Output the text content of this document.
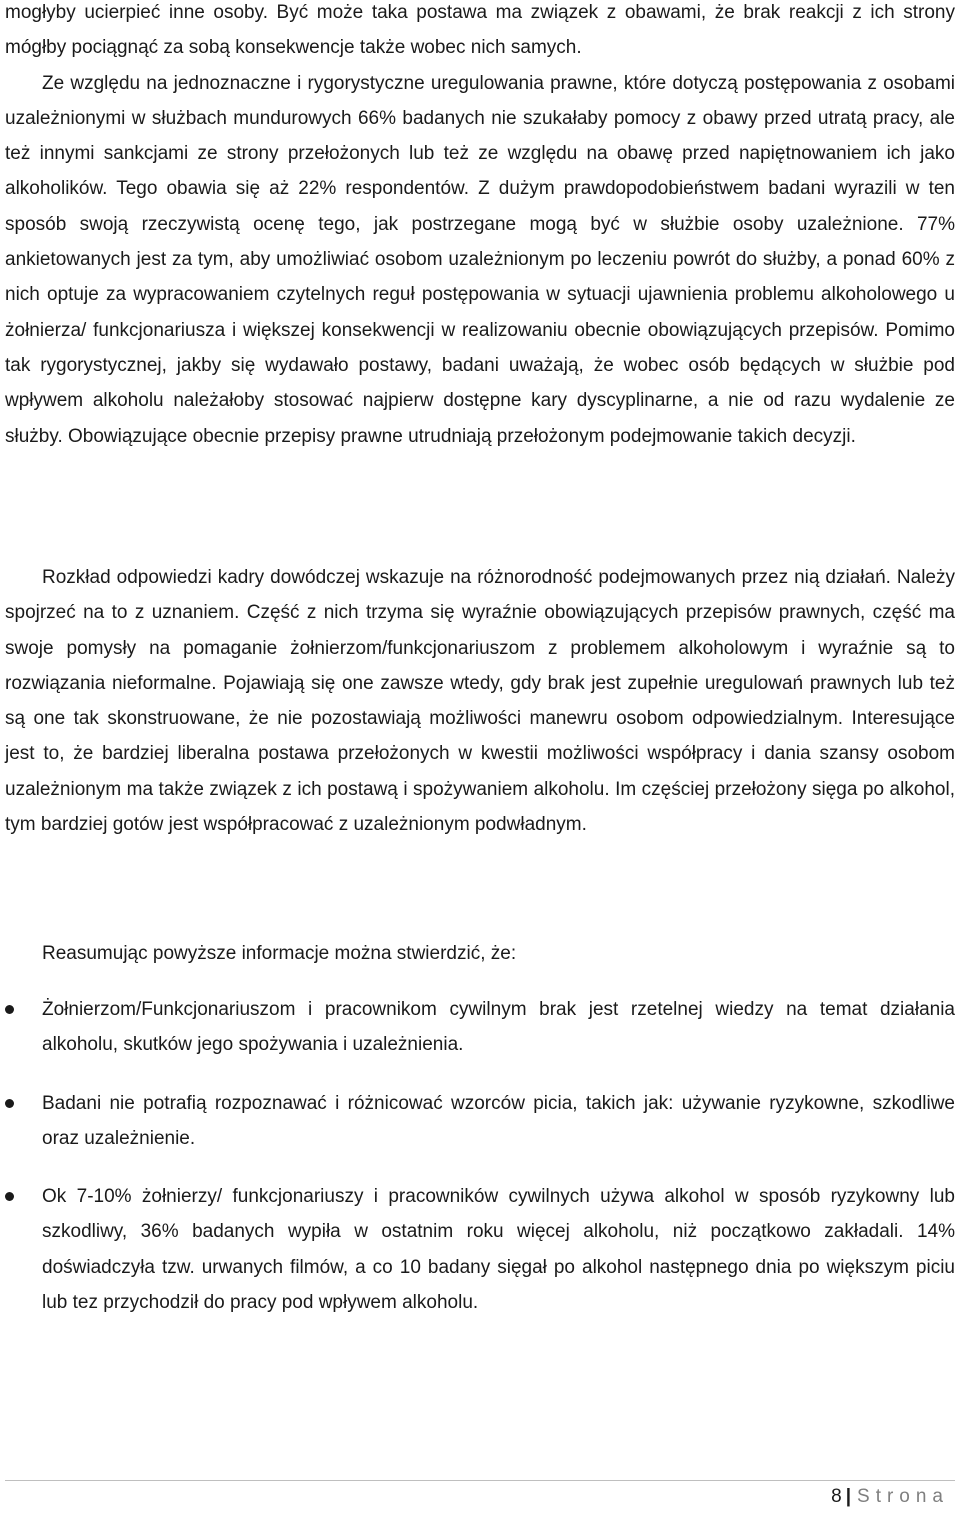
mogłyby ucierpieć inne osoby. Być może taka postawa ma związek z obawami, że brak reakcji z ich strony mógłby pociągnąć za sobą konsekwencje także wobec nich samych.

Ze względu na jednoznaczne i rygorystyczne uregulowania prawne, które dotyczą postępowania z osobami uzależnionymi w służbach mundurowych 66% badanych nie szukałaby pomocy z obawy przed utratą pracy, ale też innymi sankcjami ze strony przełożonych lub też ze względu na obawę przed napiętnowaniem ich jako alkoholików. Tego obawia się aż 22% respondentów. Z dużym prawdopodobieństwem badani wyrazili w ten sposób swoją rzeczywistą ocenę tego, jak postrzegane mogą być w służbie osoby uzależnione. 77% ankietowanych jest za tym, aby umożliwiać osobom uzależnionym po leczeniu powrót do służby, a ponad 60% z nich optuje za wypracowaniem czytelnych reguł postępowania w sytuacji ujawnienia problemu alkoholowego u żołnierza/ funkcjonariusza i większej konsekwencji w realizowaniu obecnie obowiązujących przepisów. Pomimo tak rygorystycznej, jakby się wydawało postawy, badani uważają, że wobec osób będących w służbie pod wpływem alkoholu należałoby stosować najpierw dostępne kary dyscyplinarne, a nie od razu wydalenie ze służby. Obowiązujące obecnie przepisy prawne utrudniają przełożonym podejmowanie takich decyzji.

Rozkład odpowiedzi kadry dowódczej wskazuje na różnorodność podejmowanych przez nią działań. Należy spojrzeć na to z uznaniem. Część z nich trzyma się wyraźnie obowiązujących przepisów prawnych, część ma swoje pomysły na pomaganie żołnierzom/funkcjonariuszom z problemem alkoholowym i wyraźnie są to rozwiązania nieformalne. Pojawiają się one zawsze wtedy, gdy brak jest zupełnie uregulowań prawnych lub też są one tak skonstruowane, że nie pozostawiają możliwości manewru osobom odpowiedzialnym. Interesujące jest to, że bardziej liberalna postawa przełożonych w kwestii możliwości współpracy i dania szansy osobom uzależnionym ma także związek z ich postawą i spożywaniem alkoholu. Im częściej przełożony sięga po alkohol, tym bardziej gotów jest współpracować z uzależnionym podwładnym.

Reasumując powyższe informacje można stwierdzić, że:

Żołnierzom/Funkcjonariuszom i pracownikom cywilnym brak jest rzetelnej wiedzy na temat działania alkoholu, skutków jego spożywania i uzależnienia.
Badani nie potrafią rozpoznawać i różnicować wzorców picia, takich jak: używanie ryzykowne, szkodliwe oraz uzależnienie.
Ok 7-10% żołnierzy/ funkcjonariuszy i pracowników cywilnych używa alkohol w sposób ryzykowny lub szkodliwy, 36% badanych wypiła w ostatnim roku więcej alkoholu, niż początkowo zakładali. 14% doświadczyła tzw. urwanych filmów, a co 10 badany sięgał po alkohol następnego dnia po większym piciu lub tez przychodził do pracy pod wpływem alkoholu.
8 | Strona
